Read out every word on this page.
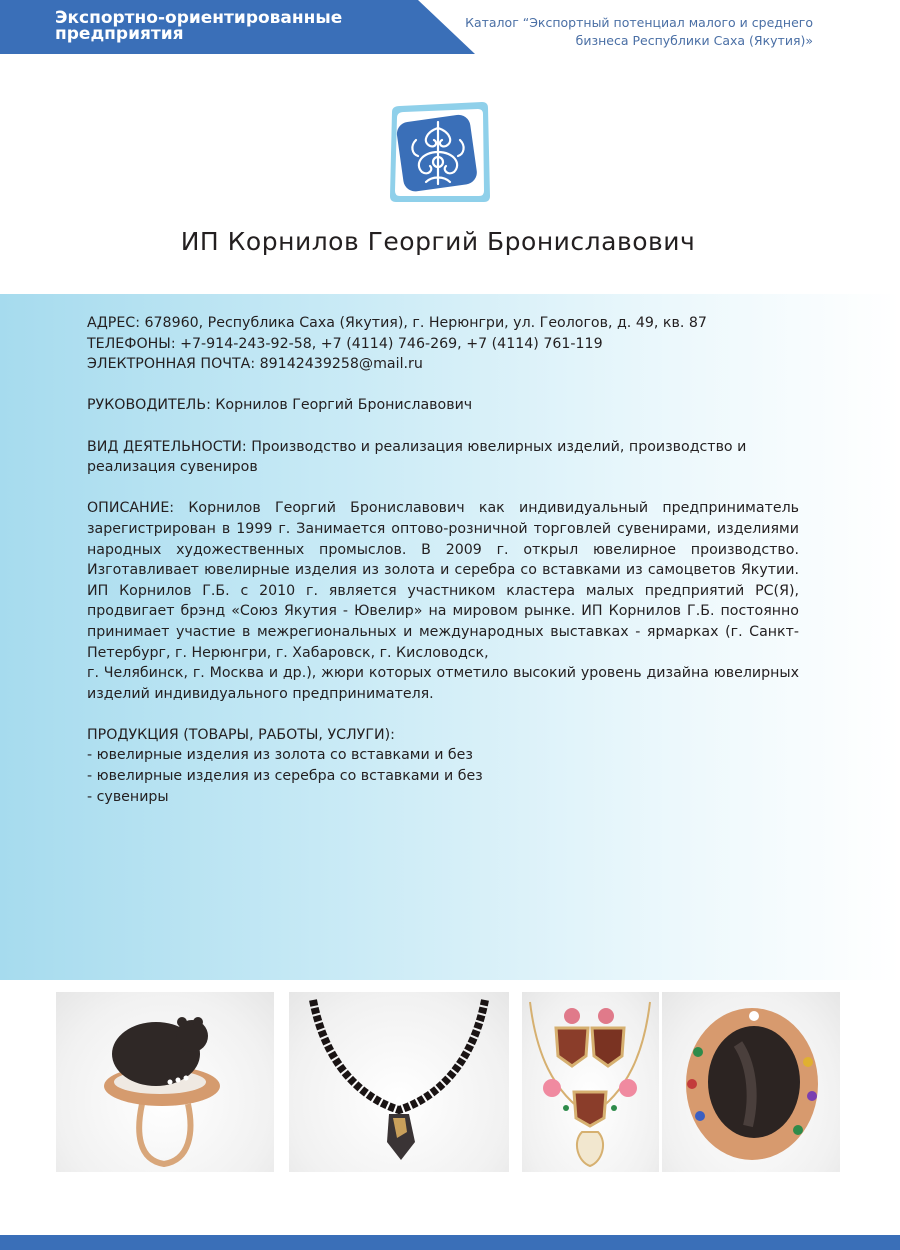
Экспортно-ориентированные предприятия
Каталог “Экспортный потенциал малого и среднего бизнеса Республики Саха (Якутия)»
ИП Корнилов Георгий Брониславович

АДРЕС: 678960, Республика Саха (Якутия), г. Нерюнгри, ул. Геологов, д. 49, кв. 87

ТЕЛЕФОНЫ: +7-914-243-92-58, +7 (4114) 746-269, +7 (4114) 761-119

ЭЛЕКТРОННАЯ ПОЧТА: 89142439258@mail.ru

РУКОВОДИТЕЛЬ: Корнилов Георгий Брониславович

ВИД ДЕЯТЕЛЬНОСТИ: Производство и реализация ювелирных изделий, производство и реализация сувениров

ОПИСАНИЕ: Корнилов Георгий Брониславович как индивидуальный предприниматель зарегистрирован в 1999 г. Занимается оптово-розничной торговлей сувенирами, изделиями народных художественных промыслов. В 2009 г. открыл ювелирное производство. Изготавливает ювелирные изделия из золота и серебра со вставками из самоцветов Якутии. ИП Корнилов Г.Б. с 2010 г. является участником кластера малых предприятий РС(Я), продвигает брэнд «Союз Якутия - Ювелир» на мировом рынке. ИП Корнилов Г.Б. постоянно принимает участие в межрегиональных и международных выставках - ярмарках (г. Санкт-Петербург, г. Нерюнгри, г. Хабаровск, г. Кисловодск,

г. Челябинск, г. Москва и др.), жюри которых отметило высокий уровень дизайна ювелирных изделий индивидуального предпринимателя.

ПРОДУКЦИЯ (ТОВАРЫ, РАБОТЫ, УСЛУГИ):

- ювелирные изделия из золота со вставками и без

- ювелирные изделия из серебра со вставками и без

- сувениры
